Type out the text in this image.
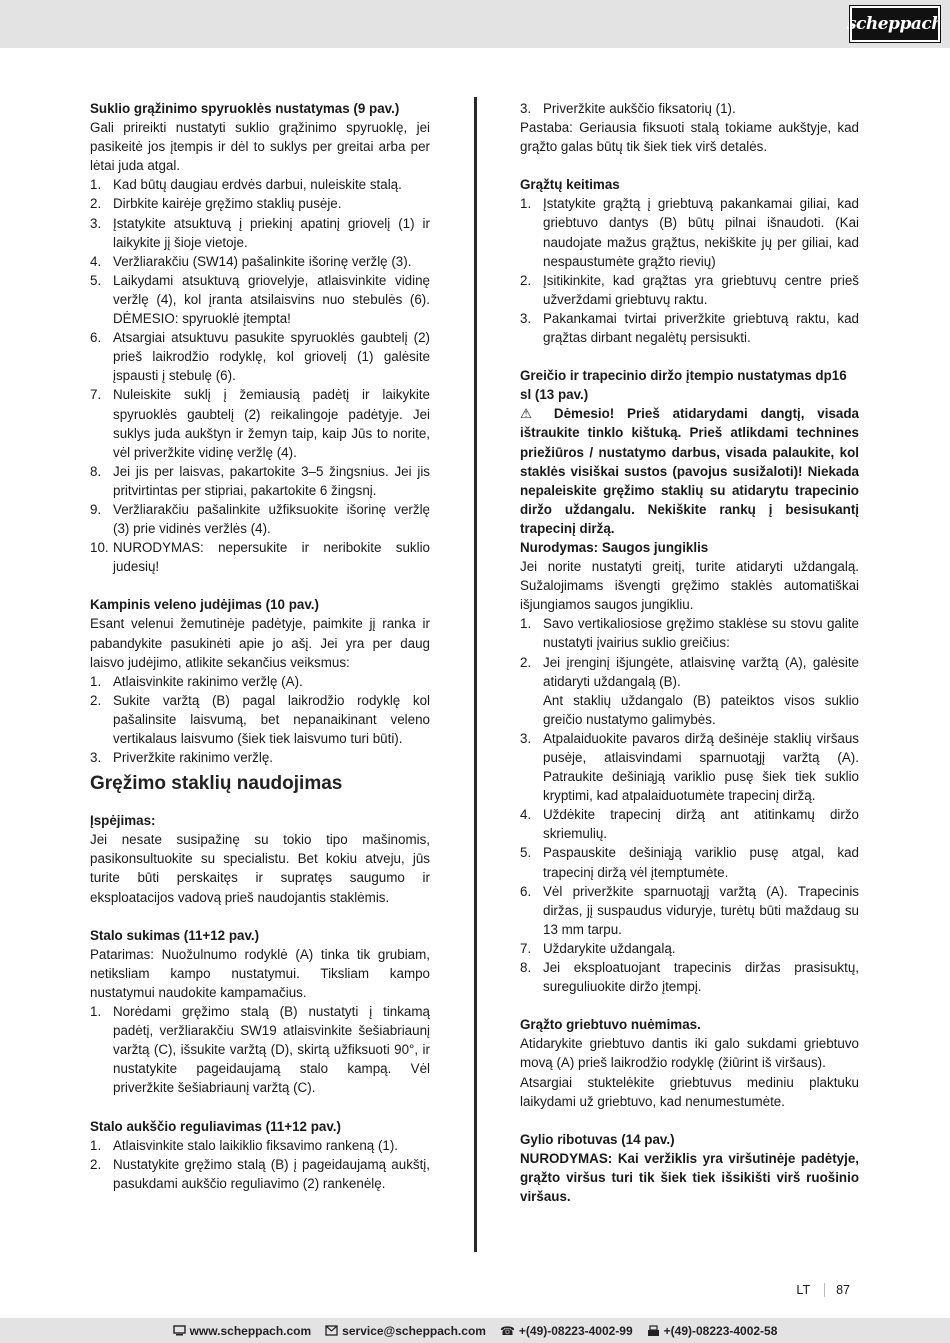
scheppach

Suklio grąžinimo spyruoklės nustatymas (9 pav.)

Gali prireikti nustatyti suklio grąžinimo spyruoklę, jei pasikeitė jos įtempis ir dėl to suklys per greitai arba per lėtai juda atgal.

1. Kad būtų daugiau erdvės darbui, nuleiskite stalą.
2. Dirbkite kairėje gręžimo staklių pusėje.
3. Įstatykite atsuktuvą į priekinį apatinį griovelį (1) ir laikykite jį šioje vietoje.
4. Veržliarakčiu (SW14) pašalinkite išorinę veržlę (3).
5. Laikydami atsuktuvą griovelyje, atlaisvinkite vidinę veržlę (4), kol įranta atsilaisvins nuo stebulės (6). DĖMESIO: spyruoklė įtempta!
6. Atsargiai atsuktuvu pasukite spyruoklės gaubtelį (2) prieš laikrodžio rodyklę, kol griovelį (1) galėsite įspausti į stebulę (6).
7. Nuleiskite suklį į žemiausią padėtį ir laikykite spyruoklės gaubtelį (2) reikalingoje padėtyje. Jei suklys juda aukštyn ir žemyn taip, kaip Jūs to norite, vėl priveržkite vidinę veržlę (4).
8. Jei jis per laisvas, pakartokite 3–5 žingsnius. Jei jis pritvirtintas per stipriai, pakartokite 6 žingsnį.
9. Veržliarakčiu pašalinkite užfiksuokite išorinę veržlę (3) prie vidinės veržlės (4).
10. NURODYMAS: nepersukite ir neribokite suklio judesių!

Kampinis veleno judėjimas (10 pav.)

Esant velenui žemutinėje padėtyje, paimkite jį ranka ir pabandykite pasukinėti apie jo ašį. Jei yra per daug laisvo judėjimo, atlikite sekančius veiksmus:

1. Atlaisvinkite rakinimo veržlę (A).
2. Sukite varžtą (B) pagal laikrodžio rodyklę kol pašalinsite laisvumą, bet nepanaikinant veleno vertikalaus laisvumo (šiek tiek laisvumo turi būti).
3. Priveržkite rakinimo veržlę.
Gręžimo staklių naudojimas

Įspėjimas:

Jei nesate susipažinę su tokio tipo mašinomis, pasikonsultuokite su specialistu. Bet kokiu atveju, jūs turite būti perskaitęs ir supratęs saugumo ir eksploatacijos vadovą prieš naudojantis staklėmis.

Stalo sukimas (11+12 pav.)

Patarimas: Nuožulnumo rodyklė (A) tinka tik grubiam, netiksliam kampo nustatymui. Tiksliam kampo nustatymui naudokite kampamačius.

1. Norėdami gręžimo stalą (B) nustatyti į tinkamą padėtį, veržliarakčiu SW19 atlaisvinkite šešiabriaunį varžtą (C), išsukite varžtą (D), skirtą užfiksuoti 90°, ir nustatykite pageidaujamą stalo kampą. Vėl priveržkite šešiabriaunį varžtą (C).

Stalo aukščio reguliavimas (11+12 pav.)

1. Atlaisvinkite stalo laikiklio fiksavimo rankeną (1).
2. Nustatykite gręžimo stalą (B) į pageidaujamą aukštį, pasukdami aukščio reguliavimo (2) rankenėlę.
3. Priveržkite aukščio fiksatorių (1).

Pastaba: Geriausia fiksuoti stalą tokiame aukštyje, kad grąžto galas būtų tik šiek tiek virš detalės.

Grąžtų keitimas

1. Įstatykite grąžtą į griebtuvą pakankamai giliai, kad griebtuvo dantys (B) būtų pilnai išnaudoti. (Kai naudojate mažus grąžtus, nekiškite jų per giliai, kad nespaustumėte grąžto rievių)
2. Įsitikinkite, kad grąžtas yra griebtuvų centre prieš užverždami griebtuvų raktu.
3. Pakankamai tvirtai priveržkite griebtuvą raktu, kad grąžtas dirbant negalėtų persisukti.

Greičio ir trapecinio diržo įtempio nustatymas dp16 sl (13 pav.)

⚠ Dėmesio! Prieš atidarydami dangtį, visada ištraukite tinklo kištuką. Prieš atlikdami technines priežiūros / nustatymo darbus, visada palaukite, kol staklės visiškai sustos (pavojus susižaloti)! Niekada nepaleiskite gręžimo staklių su atidarytu trapecinio diržo uždangalu. Nekiškite rankų į besisukantį trapecinį diržą.

Nurodymas: Saugos jungiklis

Jei norite nustatyti greitį, turite atidaryti uždangalą. Sužalojimams išvengti gręžimo staklės automatiškai išjungiamos saugos jungikliu.

1. Savo vertikaliosiose gręžimo staklėse su stovu galite nustatyti įvairius suklio greičius:
2. Jei įrenginį išjungėte, atlaisvinę varžtą (A), galėsite atidaryti uždangalą (B).
Ant staklių uždangalo (B) pateiktos visos suklio greičio nustatymo galimybės.
3. Atpalaiduokite pavaros diržą dešinėje staklių viršaus pusėje, atlaisvindami sparnuotąjį varžtą (A). Patraukite dešiniąją variklio pusę šiek tiek suklio kryptimi, kad atpalaiduotumėte trapecinį diržą.
4. Uždėkite trapecinį diržą ant atitinkamų diržo skriemulių.
5. Paspauskite dešiniąją variklio pusę atgal, kad trapecinį diržą vėl įtemptumėte.
6. Vėl priveržkite sparnuotąjį varžtą (A). Trapecinis diržas, jį suspaudus viduryje, turėtų būti maždaug su 13 mm tarpu.
7. Uždarykite uždangalą.
8. Jei eksploatuojant trapecinis diržas prasisuktų, sureguliuokite diržo įtempį.

Grąžto griebtuvo nuėmimas.

Atidarykite griebtuvo dantis iki galo sukdami griebtuvo movą (A) prieš laikrodžio rodyklę (žiūrint iš viršaus).

Atsargiai stuktelėkite griebtuvus mediniu plaktuku laikydami už griebtuvo, kad nenumestumėte.

Gylio ribotuvas (14 pav.)

NURODYMAS: Kai veržiklis yra viršutinėje padėtyje, grąžto viršus turi tik šiek tiek išsikišti virš ruošinio viršaus.

LT	87
www.scheppach.com	service@scheppach.com ☎ +(49)-08223-4002-99	+(49)-08223-4002-58
